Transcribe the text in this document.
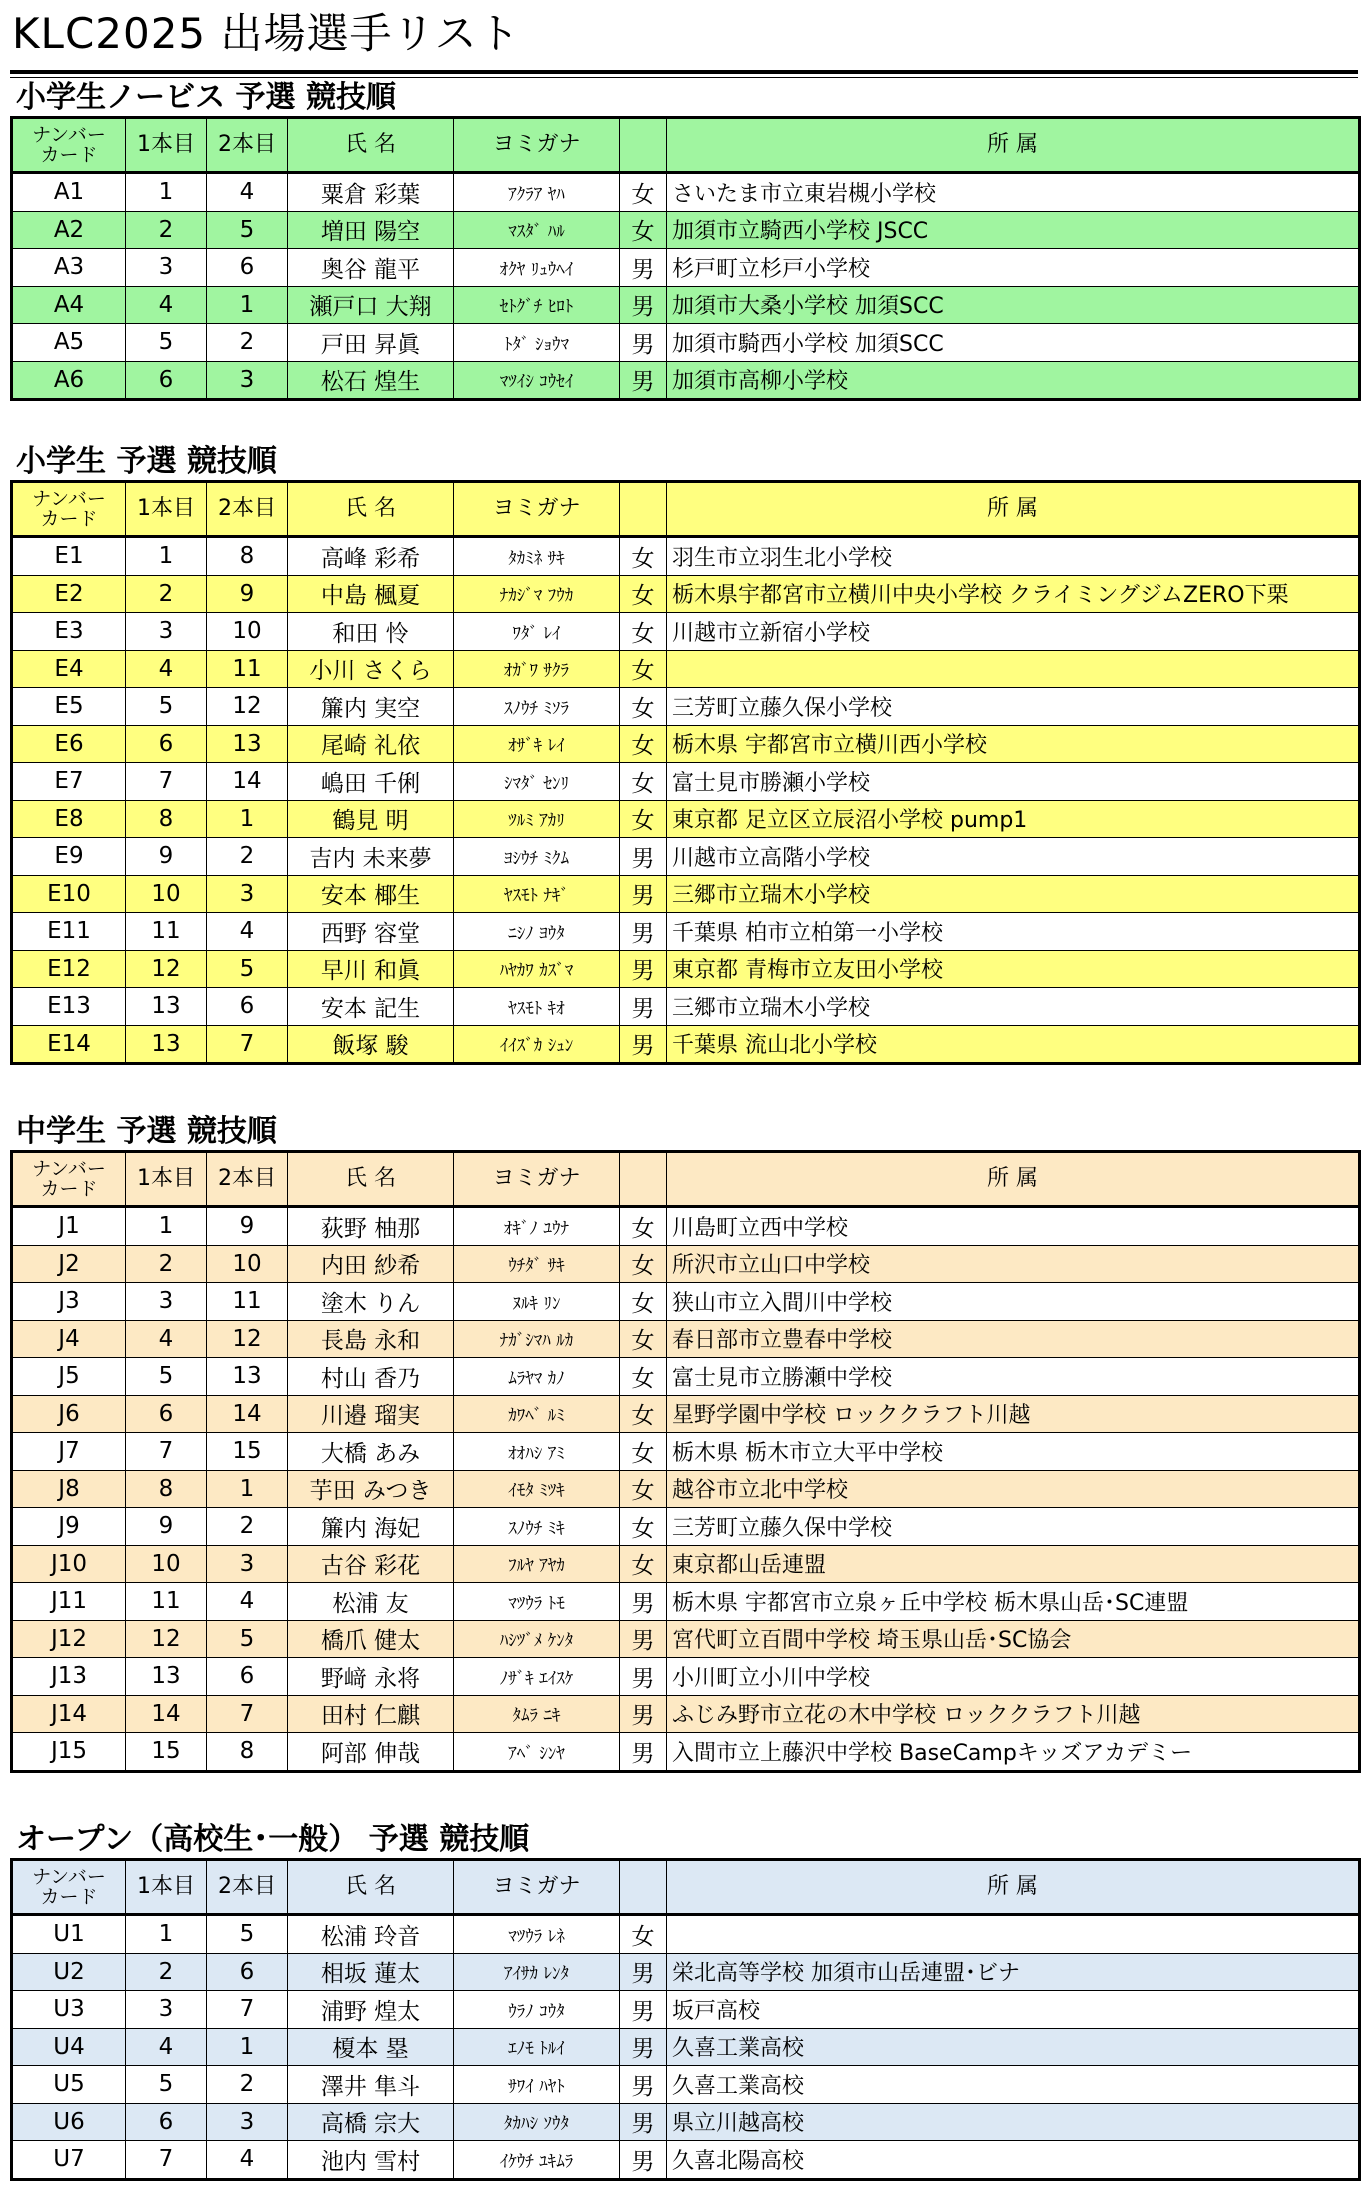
KLC2025 出場選手リスト
小学生ノービス 予選 競技順
ナンバー
カード	1本目	2本目	氏 名	ヨミガナ		所 属
A1	1	4	粟倉 彩葉	ｱｸﾗｱ ﾔﾊ	女	さいたま市立東岩槻小学校
A2	2	5	増田 陽空	ﾏｽﾀﾞ ﾊﾙ	女	加須市立騎西小学校 JSCC
A3	3	6	奥谷 龍平	ｵｸﾔ ﾘｭｳﾍｲ	男	杉戸町立杉戸小学校
A4	4	1	瀬戸口 大翔	ｾﾄｸﾞﾁ ﾋﾛﾄ	男	加須市大桑小学校 加須SCC
A5	5	2	戸田 昇眞	ﾄﾀﾞ ｼｮｳﾏ	男	加須市騎西小学校 加須SCC
A6	6	3	松石 煌生	ﾏﾂｲｼ ｺｳｾｲ	男	加須市高柳小学校
小学生 予選 競技順
ナンバー
カード	1本目	2本目	氏 名	ヨミガナ		所 属
E1	1	8	高峰 彩希	ﾀｶﾐﾈ ｻｷ	女	羽生市立羽生北小学校
E2	2	9	中島 楓夏	ﾅｶｼﾞﾏ ﾌｳｶ	女	栃木県宇都宮市立横川中央小学校 クライミングジムZERO下栗
E3	3	10	和田 怜	ﾜﾀﾞ ﾚｲ	女	川越市立新宿小学校
E4	4	11	小川 さくら	ｵｶﾞﾜ ｻｸﾗ	女	
E5	5	12	簾内 実空	ｽﾉｳﾁ ﾐｿﾗ	女	三芳町立藤久保小学校
E6	6	13	尾崎 礼依	ｵｻﾞｷ ﾚｲ	女	栃木県 宇都宮市立横川西小学校
E7	7	14	嶋田 千俐	ｼﾏﾀﾞ ｾﾝﾘ	女	富士見市勝瀬小学校
E8	8	1	鶴見 明	ﾂﾙﾐ ｱｶﾘ	女	東京都 足立区立辰沼小学校 pump1
E9	9	2	吉内 未来夢	ﾖｼｳﾁ ﾐｸﾑ	男	川越市立高階小学校
E10	10	3	安本 椰生	ﾔｽﾓﾄ ﾅｷﾞ	男	三郷市立瑞木小学校
E11	11	4	西野 容堂	ﾆｼﾉ ﾖｳﾀ	男	千葉県 柏市立柏第一小学校
E12	12	5	早川 和眞	ﾊﾔｶﾜ ｶｽﾞﾏ	男	東京都 青梅市立友田小学校
E13	13	6	安本 記生	ﾔｽﾓﾄ ｷｵ	男	三郷市立瑞木小学校
E14	13	7	飯塚 駿	ｲｲｽﾞｶ ｼｭﾝ	男	千葉県 流山北小学校
中学生 予選 競技順
ナンバー
カード	1本目	2本目	氏 名	ヨミガナ		所 属
J1	1	9	荻野 柚那	ｵｷﾞﾉ ﾕｳﾅ	女	川島町立西中学校
J2	2	10	内田 紗希	ｳﾁﾀﾞ ｻｷ	女	所沢市立山口中学校
J3	3	11	塗木 りん	ﾇﾙｷ ﾘﾝ	女	狭山市立入間川中学校
J4	4	12	長島 永和	ﾅｶﾞｼﾏﾊ ﾙｶ	女	春日部市立豊春中学校
J5	5	13	村山 香乃	ﾑﾗﾔﾏ ｶﾉ	女	富士見市立勝瀬中学校
J6	6	14	川邉 瑠実	ｶﾜﾍﾞ ﾙﾐ	女	星野学園中学校 ロッククラフト川越
J7	7	15	大橋 あみ	ｵｵﾊｼ ｱﾐ	女	栃木県 栃木市立大平中学校
J8	8	1	芋田 みつき	ｲﾓﾀ ﾐﾂｷ	女	越谷市立北中学校
J9	9	2	簾内 海妃	ｽﾉｳﾁ ﾐｷ	女	三芳町立藤久保中学校
J10	10	3	古谷 彩花	ﾌﾙﾔ ｱﾔｶ	女	東京都山岳連盟
J11	11	4	松浦 友	ﾏﾂｳﾗ ﾄﾓ	男	栃木県 宇都宮市立泉ヶ丘中学校 栃木県山岳･SC連盟
J12	12	5	橋爪 健太	ﾊｼﾂﾞﾒ ｹﾝﾀ	男	宮代町立百間中学校 埼玉県山岳･SC協会
J13	13	6	野﨑 永将	ﾉｻﾞｷ ｴｲｽｹ	男	小川町立小川中学校
J14	14	7	田村 仁麒	ﾀﾑﾗ ﾆｷ	男	ふじみ野市立花の木中学校 ロッククラフト川越
J15	15	8	阿部 伸哉	ｱﾍﾞ ｼﾝﾔ	男	入間市立上藤沢中学校 BaseCampキッズアカデミー
オープン（高校生･一般） 予選 競技順
ナンバー
カード	1本目	2本目	氏 名	ヨミガナ		所 属
U1	1	5	松浦 玲音	ﾏﾂｳﾗ ﾚﾈ	女	
U2	2	6	相坂 蓮太	ｱｲｻｶ ﾚﾝﾀ	男	栄北高等学校 加須市山岳連盟･ビナ
U3	3	7	浦野 煌太	ｳﾗﾉ ｺｳﾀ	男	坂戸高校
U4	4	1	榎本 塁	ｴﾉﾓ ﾄﾙｲ	男	久喜工業高校
U5	5	2	澤井 隼斗	ｻﾜｲ ﾊﾔﾄ	男	久喜工業高校
U6	6	3	高橋 宗大	ﾀｶﾊｼ ｿｳﾀ	男	県立川越高校
U7	7	4	池内 雪村	ｲｹｳﾁ ﾕｷﾑﾗ	男	久喜北陽高校
